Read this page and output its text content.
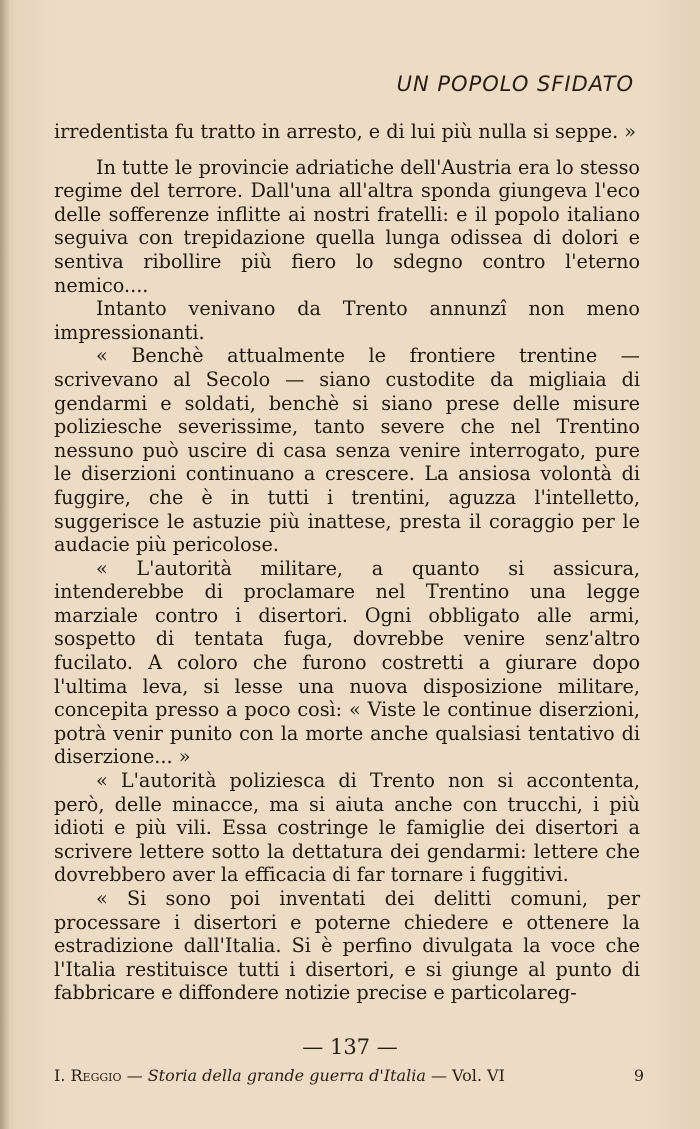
UN POPOLO SFIDATO

irredentista fu tratto in arresto, e di lui più nulla si seppe. »

In tutte le provincie adriatiche dell'Austria era lo stesso regime del terrore. Dall'una all'altra sponda giungeva l'eco delle sofferenze inflitte ai nostri fratelli: e il popolo italiano seguiva con trepidazione quella lunga odissea di dolori e sentiva ribollire più fiero lo sdegno contro l'eterno nemico....

Intanto venivano da Trento annunzî non meno impressionanti.

« Benchè attualmente le frontiere trentine — scrivevano al Secolo — siano custodite da migliaia di gendarmi e soldati, benchè si siano prese delle misure poliziesche severissime, tanto severe che nel Trentino nessuno può uscire di casa senza venire interrogato, pure le diserzioni continuano a crescere. La ansiosa volontà di fuggire, che è in tutti i trentini, aguzza l'intelletto, suggerisce le astuzie più inattese, presta il coraggio per le audacie più pericolose.

« L'autorità militare, a quanto si assicura, intenderebbe di proclamare nel Trentino una legge marziale contro i disertori. Ogni obbligato alle armi, sospetto di tentata fuga, dovrebbe venire senz'altro fucilato. A coloro che furono costretti a giurare dopo l'ultima leva, si lesse una nuova disposizione militare, concepita presso a poco così: « Viste le continue diserzioni, potrà venir punito con la morte anche qualsiasi tentativo di diserzione... »

« L'autorità poliziesca di Trento non si accontenta, però, delle minacce, ma si aiuta anche con trucchi, i più idioti e più vili. Essa costringe le famiglie dei disertori a scrivere lettere sotto la dettatura dei gendarmi: lettere che dovrebbero aver la efficacia di far tornare i fuggitivi.

« Si sono poi inventati dei delitti comuni, per processare i disertori e poterne chiedere e ottenere la estradizione dall'Italia. Si è perfino divulgata la voce che l'Italia restituisce tutti i disertori, e si giunge al punto di fabbricare e diffondere notizie precise e particolareg-

— 137 —
I. Reggio — Storia della grande guerra d'Italia — Vol. VI	9
